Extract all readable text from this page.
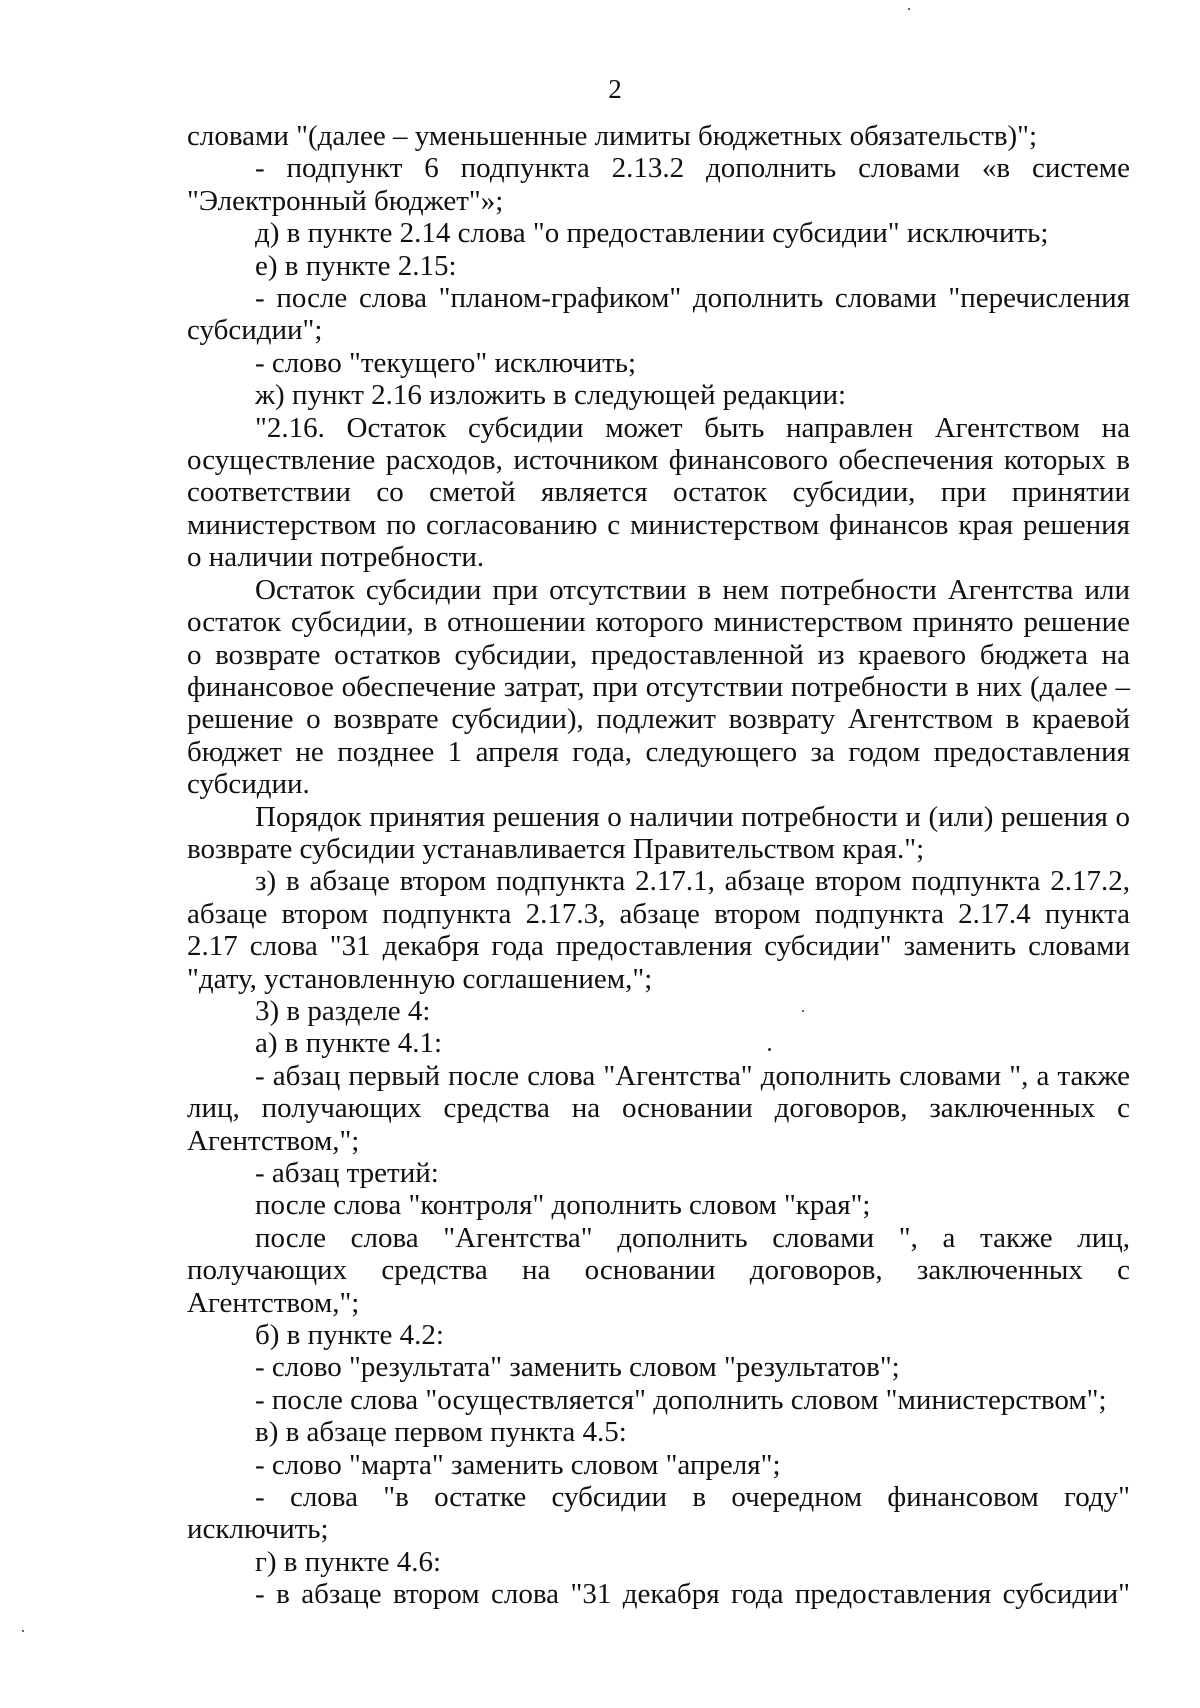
2

словами "(далее – уменьшенные лимиты бюджетных обязательств)";

- подпункт 6 подпункта 2.13.2 дополнить словами «в системе "Электронный бюджет"»;

д) в пункте 2.14 слова "о предоставлении субсидии" исключить;

е) в пункте 2.15:

- после слова "планом-графиком" дополнить словами "перечисления субсидии";

- слово "текущего" исключить;

ж) пункт 2.16 изложить в следующей редакции:

"2.16. Остаток субсидии может быть направлен Агентством на осуществление расходов, источником финансового обеспечения которых в соответствии со сметой является остаток субсидии, при принятии министерством по согласованию с министерством финансов края решения о наличии потребности.

Остаток субсидии при отсутствии в нем потребности Агентства или остаток субсидии, в отношении которого министерством принято решение о возврате остатков субсидии, предоставленной из краевого бюджета на финансовое обеспечение затрат, при отсутствии потребности в них (далее – решение о возврате субсидии), подлежит возврату Агентством в краевой бюджет не позднее 1 апреля года, следующего за годом предоставления субсидии.

Порядок принятия решения о наличии потребности и (или) решения о возврате субсидии устанавливается Правительством края.";

з) в абзаце втором подпункта 2.17.1, абзаце втором подпункта 2.17.2, абзаце втором подпункта 2.17.3, абзаце втором подпункта 2.17.4 пункта 2.17 слова "31 декабря года предоставления субсидии" заменить словами "дату, установленную соглашением,";

3) в разделе 4:

а) в пункте 4.1:

- абзац первый после слова "Агентства" дополнить словами ", а также лиц, получающих средства на основании договоров, заключенных с Агентством,";

- абзац третий:

после слова "контроля" дополнить словом "края";

после слова "Агентства" дополнить словами ", а также лиц, получающих средства на основании договоров, заключенных с Агентством,";

б) в пункте 4.2:

- слово "результата" заменить словом "результатов";

- после слова "осуществляется" дополнить словом "министерством";

в) в абзаце первом пункта 4.5:

- слово "марта" заменить словом "апреля";

- слова "в остатке субсидии в очередном финансовом году" исключить;

г) в пункте 4.6:

- в абзаце втором слова "31 декабря года предоставления субсидии"
